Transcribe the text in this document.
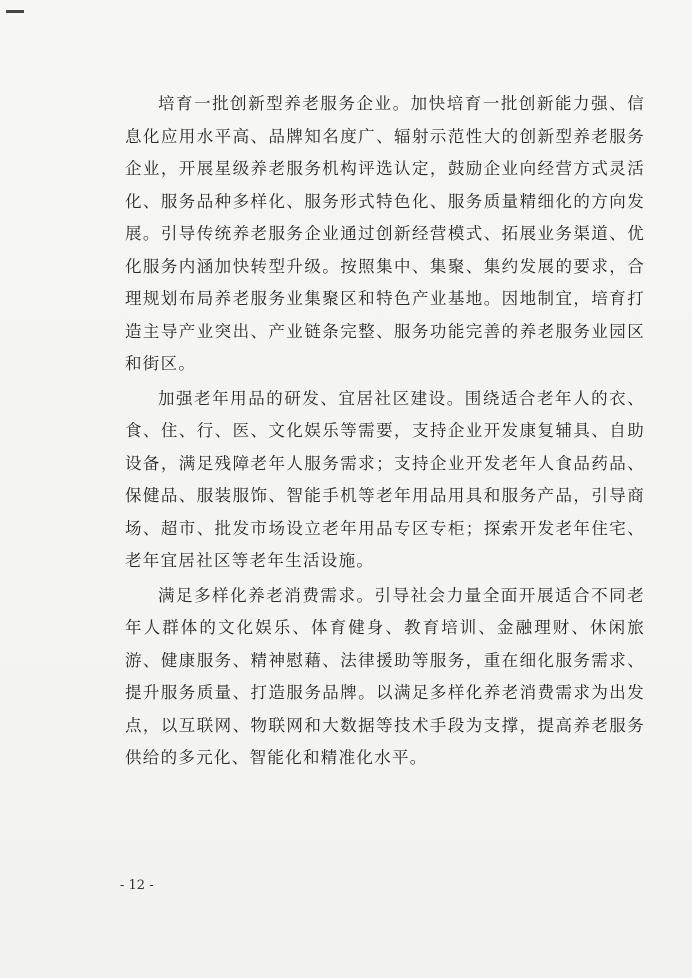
培育一批创新型养老服务企业。加快培育一批创新能力强、信息化应用水平高、品牌知名度广、辐射示范性大的创新型养老服务企业，开展星级养老服务机构评选认定，鼓励企业向经营方式灵活化、服务品种多样化、服务形式特色化、服务质量精细化的方向发展。引导传统养老服务企业通过创新经营模式、拓展业务渠道、优化服务内涵加快转型升级。按照集中、集聚、集约发展的要求，合理规划布局养老服务业集聚区和特色产业基地。因地制宜，培育打造主导产业突出、产业链条完整、服务功能完善的养老服务业园区和街区。

加强老年用品的研发、宜居社区建设。围绕适合老年人的衣、食、住、行、医、文化娱乐等需要，支持企业开发康复辅具、自助设备，满足残障老年人服务需求；支持企业开发老年人食品药品、保健品、服装服饰、智能手机等老年用品用具和服务产品，引导商场、超市、批发市场设立老年用品专区专柜；探索开发老年住宅、老年宜居社区等老年生活设施。

满足多样化养老消费需求。引导社会力量全面开展适合不同老年人群体的文化娱乐、体育健身、教育培训、金融理财、休闲旅游、健康服务、精神慰藉、法律援助等服务，重在细化服务需求、提升服务质量、打造服务品牌。以满足多样化养老消费需求为出发点，以互联网、物联网和大数据等技术手段为支撑，提高养老服务供给的多元化、智能化和精准化水平。

- 12 -
